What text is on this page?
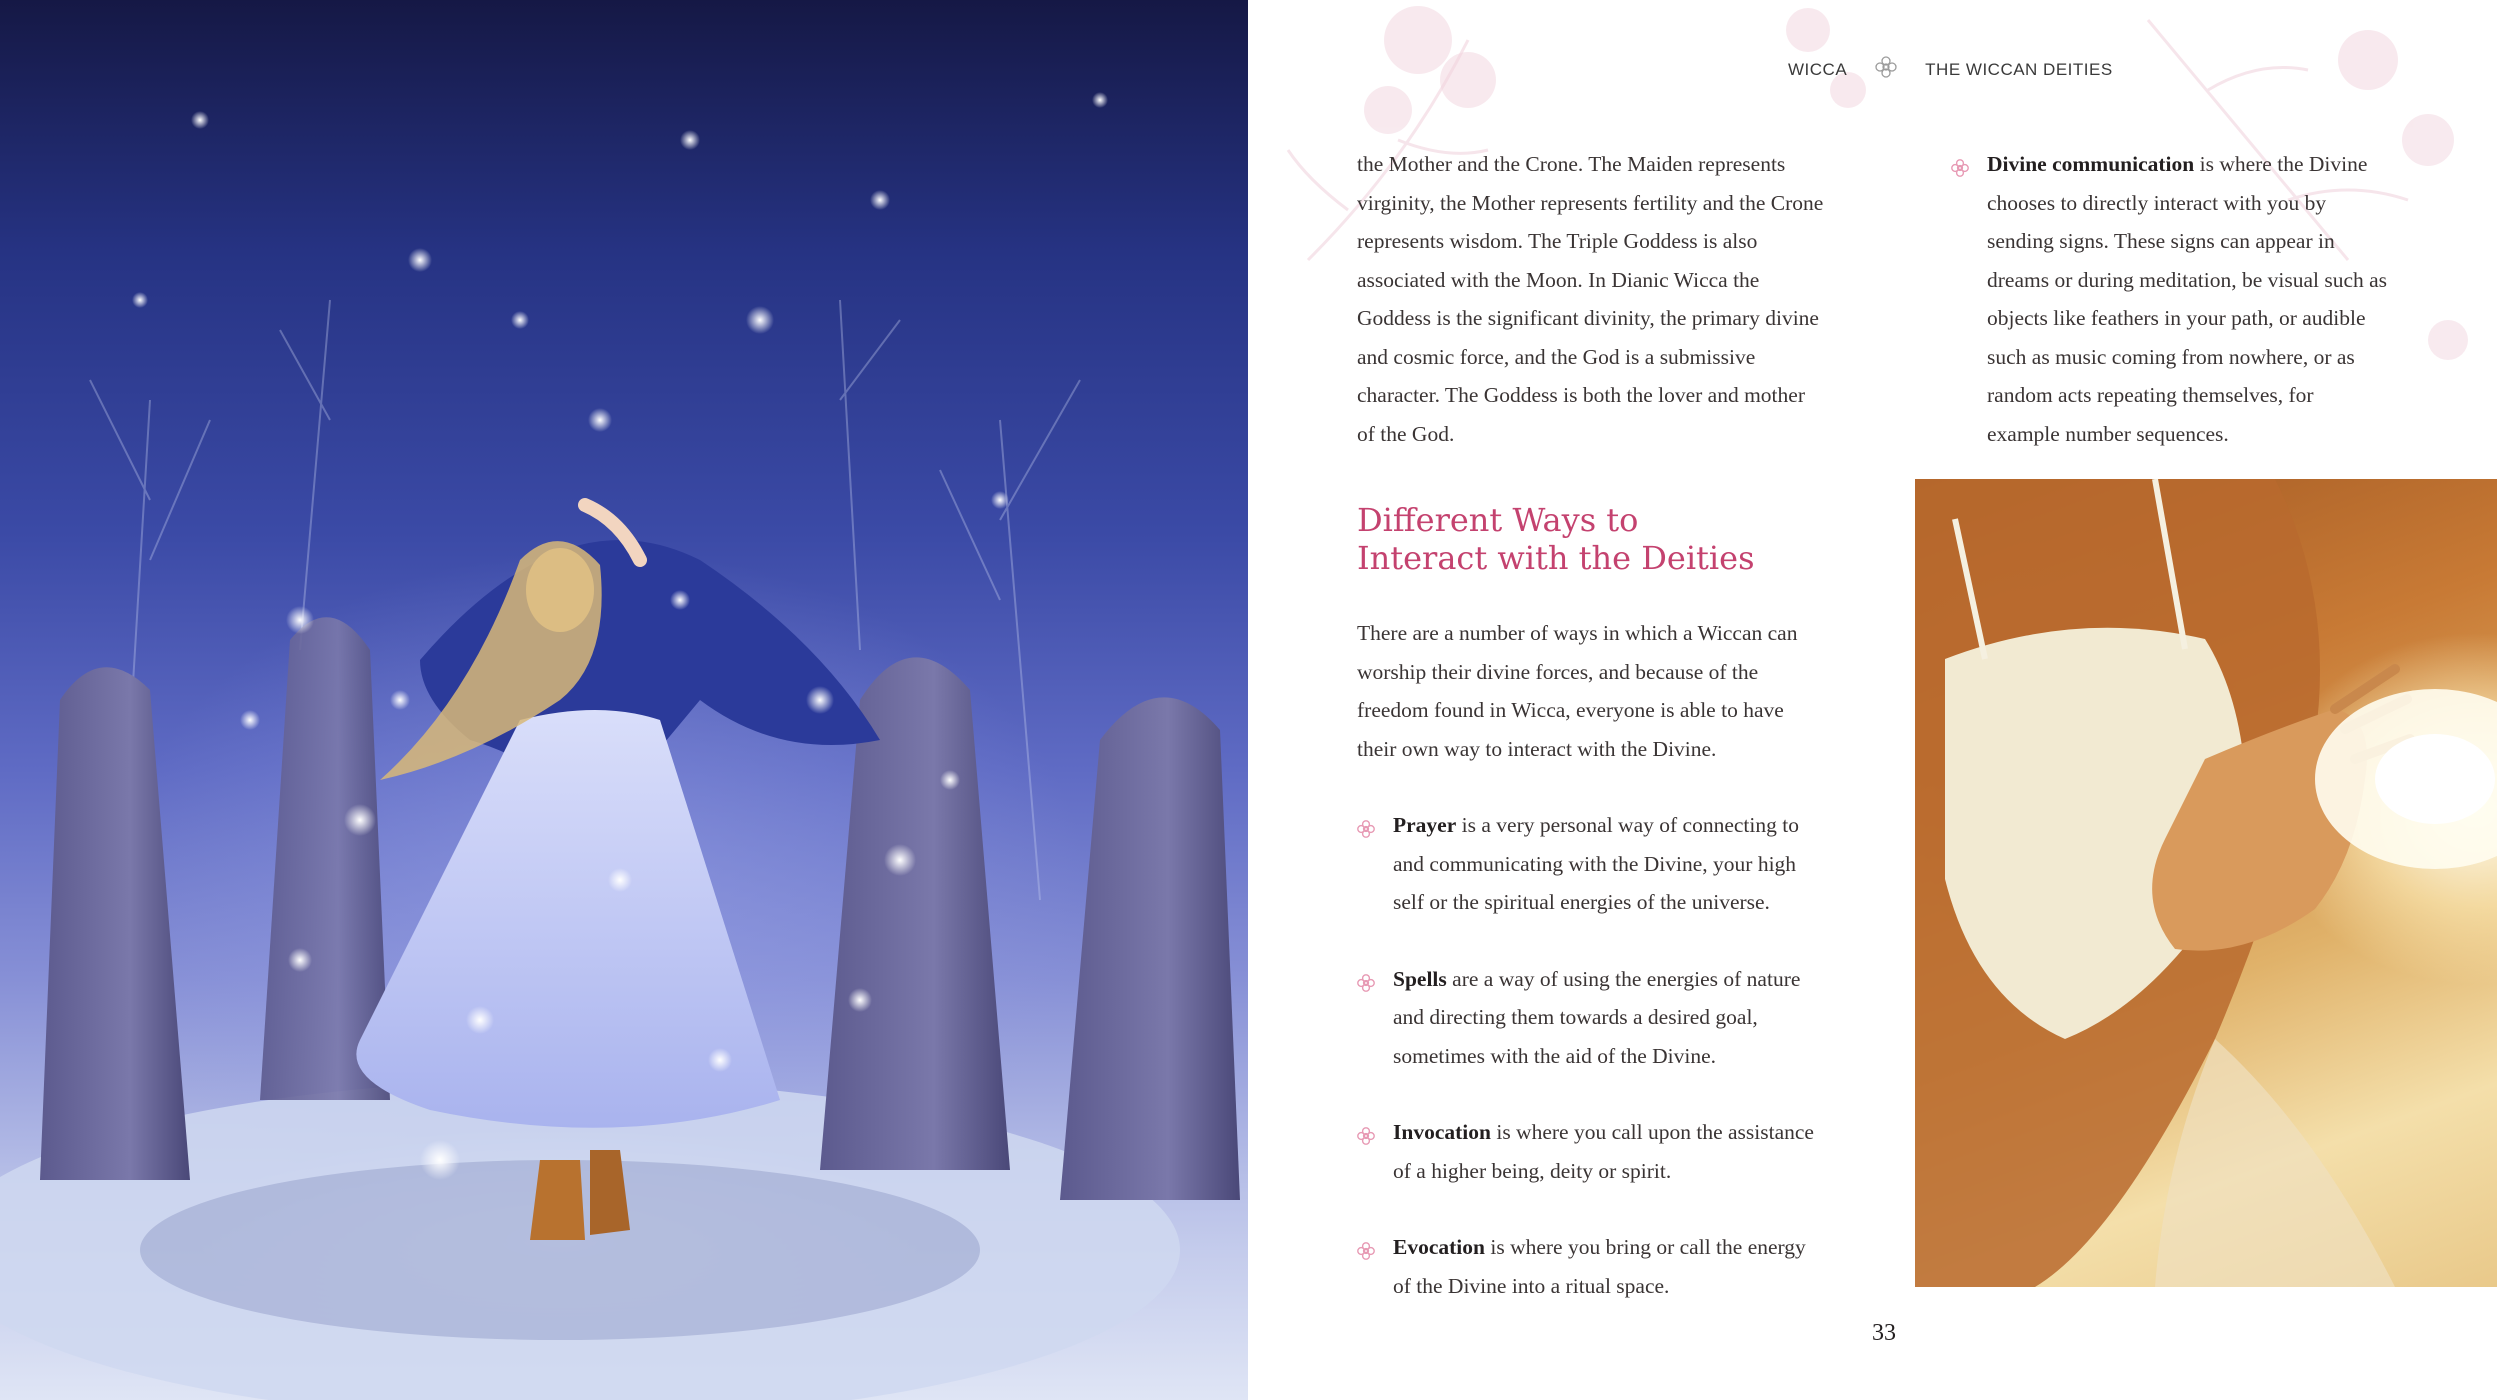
WICCA	THE WICCAN DEITIES

the Mother and the Crone. The Maiden represents virginity, the Mother represents fertility and the Crone represents wisdom. The Triple Goddess is also associated with the Moon. In Dianic Wicca the Goddess is the significant divinity, the primary divine and cosmic force, and the God is a submissive character. The Goddess is both the lover and mother of the God.

Different Ways to
Interact with the Deities

There are a number of ways in which a Wiccan can worship their divine forces, and because of the freedom found in Wicca, everyone is able to have their own way to interact with the Divine.

Prayer is a very personal way of connecting to and communicating with the Divine, your high self or the spiritual energies of the universe.
Spells are a way of using the energies of nature and directing them towards a desired goal, sometimes with the aid of the Divine.
Invocation is where you call upon the assistance of a higher being, deity or spirit.
Evocation is where you bring or call the energy of the Divine into a ritual space.
Divine communication is where the Divine chooses to directly interact with you by sending signs. These signs can appear in dreams or during meditation, be visual such as objects like feathers in your path, or audible such as music coming from nowhere, or as random acts repeating themselves, for example number sequences.
33
